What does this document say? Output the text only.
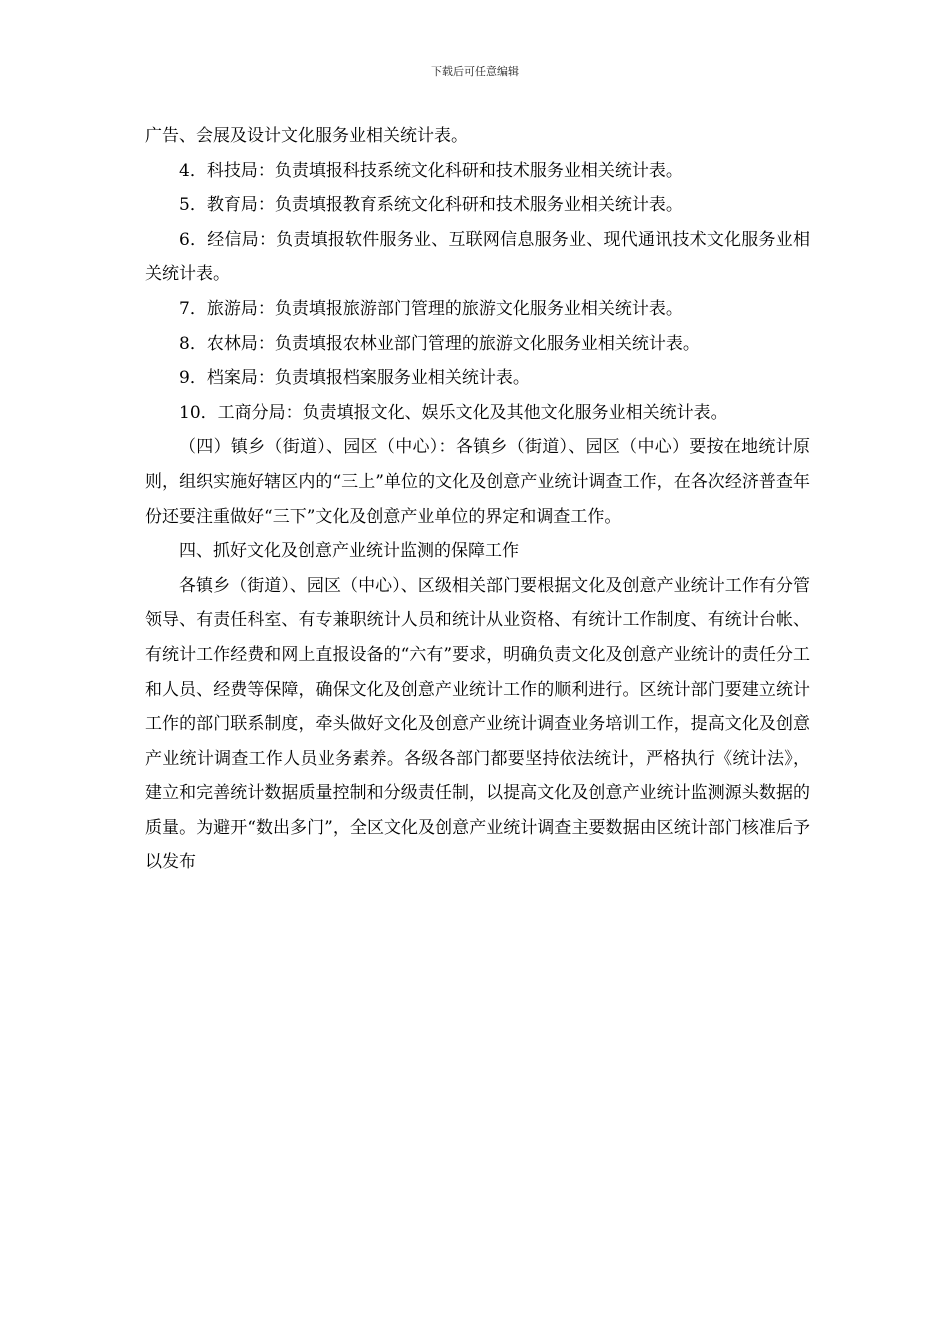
下载后可任意编辑

广告、会展及设计文化服务业相关统计表。

4．科技局：负责填报科技系统文化科研和技术服务业相关统计表。

5．教育局：负责填报教育系统文化科研和技术服务业相关统计表。

6．经信局：负责填报软件服务业、互联网信息服务业、现代通讯技术文化服务业相关统计表。

7．旅游局：负责填报旅游部门管理的旅游文化服务业相关统计表。

8．农林局：负责填报农林业部门管理的旅游文化服务业相关统计表。

9．档案局：负责填报档案服务业相关统计表。

10．工商分局：负责填报文化、娱乐文化及其他文化服务业相关统计表。

（四）镇乡（街道）、园区（中心）：各镇乡（街道）、园区（中心）要按在地统计原则，组织实施好辖区内的“三上”单位的文化及创意产业统计调查工作，在各次经济普查年份还要注重做好“三下”文化及创意产业单位的界定和调查工作。

四、抓好文化及创意产业统计监测的保障工作

各镇乡（街道）、园区（中心）、区级相关部门要根据文化及创意产业统计工作有分管领导、有责任科室、有专兼职统计人员和统计从业资格、有统计工作制度、有统计台帐、有统计工作经费和网上直报设备的“六有”要求，明确负责文化及创意产业统计的责任分工和人员、经费等保障，确保文化及创意产业统计工作的顺利进行。区统计部门要建立统计工作的部门联系制度，牵头做好文化及创意产业统计调查业务培训工作，提高文化及创意产业统计调查工作人员业务素养。各级各部门都要坚持依法统计，严格执行《统计法》，建立和完善统计数据质量控制和分级责任制，以提高文化及创意产业统计监测源头数据的质量。为避开“数出多门”，全区文化及创意产业统计调查主要数据由区统计部门核准后予以发布
